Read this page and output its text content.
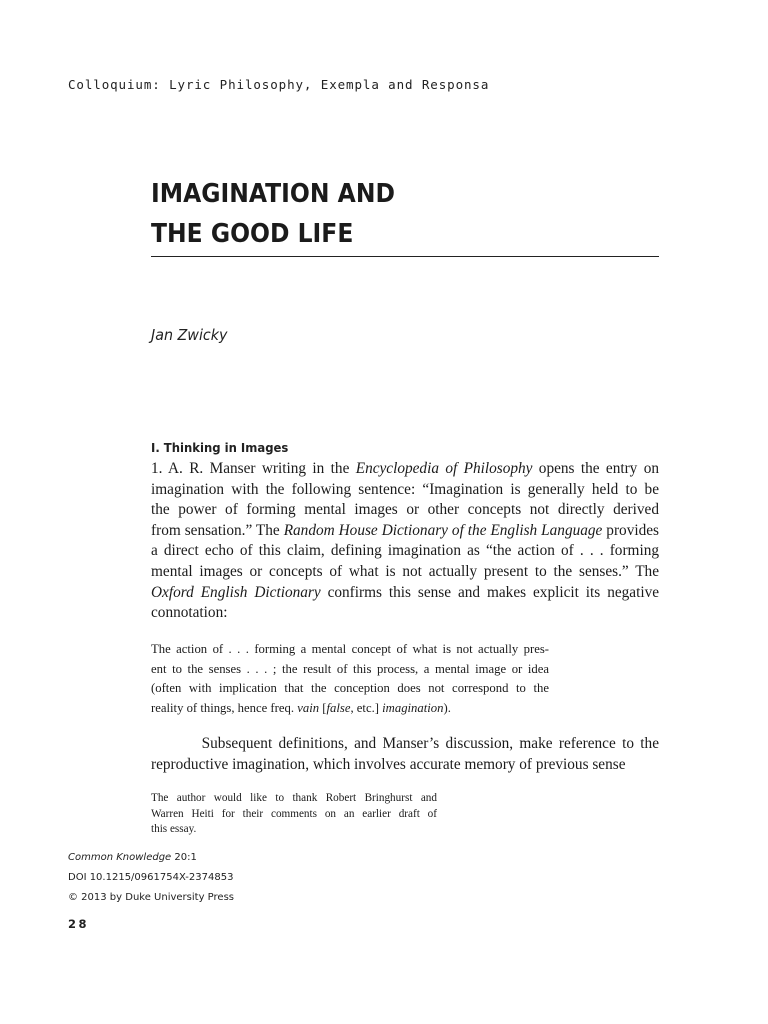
Colloquium: Lyric Philosophy, Exempla and Responsa
IMAGINATION AND
THE GOOD LIFE
Jan Zwicky
I. Thinking in Images
1. A. R. Manser writing in the Encyclopedia of Philosophy opens the entry on
imagination with the following sentence: “Imagination is generally held to be
the power of forming mental images or other concepts not directly derived
from sensation.” The Random House Dictionary of the English Language provides
a direct echo of this claim, defining imagination as “the action of . . . forming
mental images or concepts of what is not actually present to the senses.” The
Oxford English Dictionary confirms this sense and makes explicit its negative
connotation:
The action of . . . forming a mental concept of what is not actually pres-
ent to the senses . . . ; the result of this process, a mental image or idea
(often with implication that the conception does not correspond to the
reality of things, hence freq. vain [false, etc.] imagination).
Subsequent definitions, and Manser’s discussion, make reference to the
reproductive imagination, which involves accurate memory of previous sense
The author would like to thank Robert Bringhurst and
Warren Heiti for their comments on an earlier draft of
this essay.
Common Knowledge 20:1
DOI 10.1215/0961754X-2374853
© 2013 by Duke University Press
28
